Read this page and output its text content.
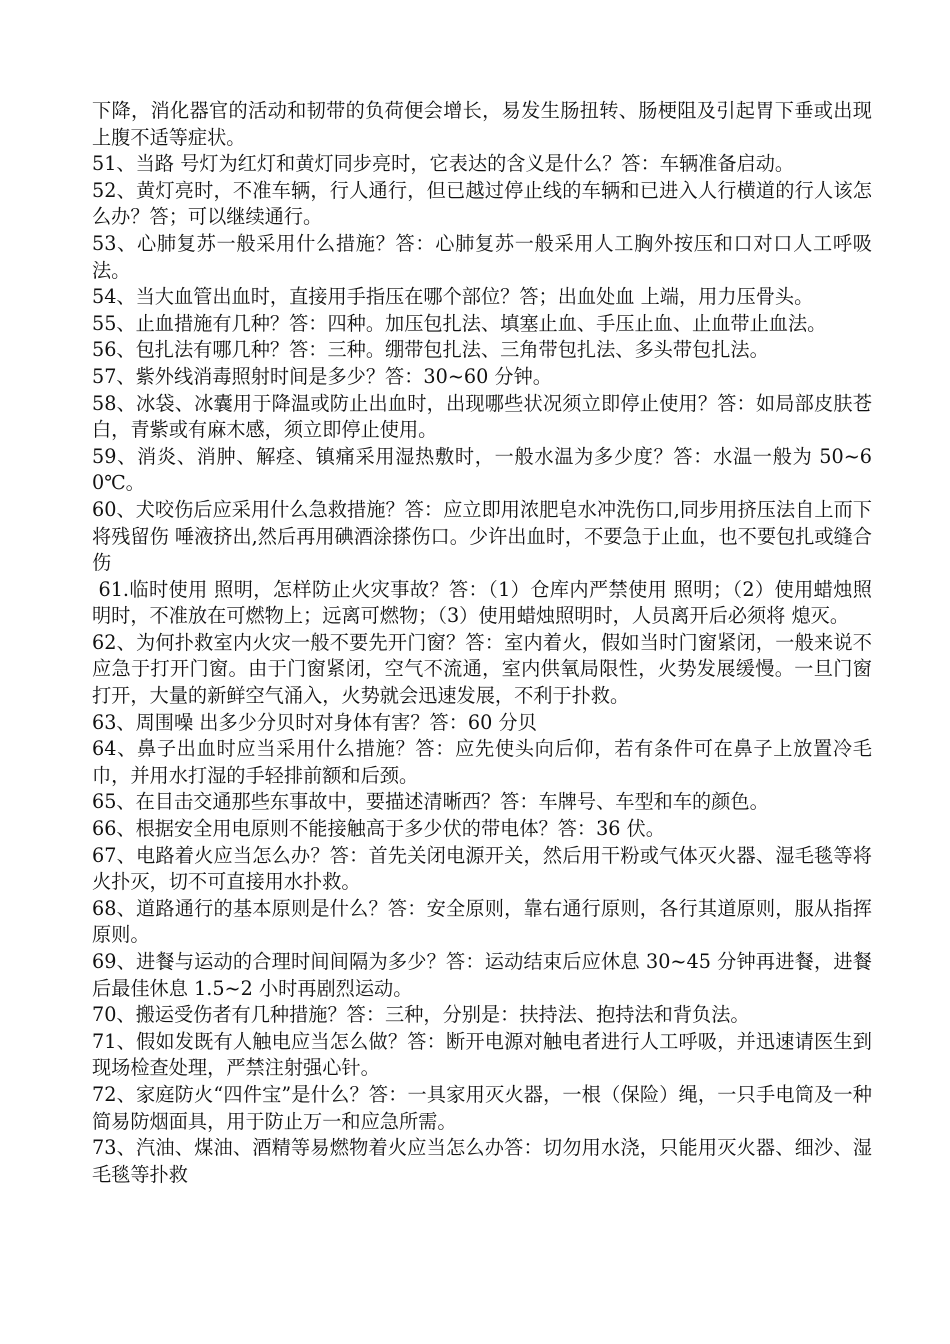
下降，消化器官的活动和韧带的负荷便会增长，易发生肠扭转、肠梗阻及引起胃下垂或出现上腹不适等症状。

51、当路 号灯为红灯和黄灯同步亮时，它表达的含义是什么？答：车辆准备启动。

52、黄灯亮时，不准车辆，行人通行，但已越过停止线的车辆和已进入人行横道的行人该怎么办？答；可以继续通行。

53、心肺复苏一般采用什么措施？答：心肺复苏一般采用人工胸外按压和口对口人工呼吸法。

54、当大血管出血时，直接用手指压在哪个部位？答；出血处血 上端，用力压骨头。

55、止血措施有几种？答：四种。加压包扎法、填塞止血、手压止血、止血带止血法。

56、包扎法有哪几种？答：三种。绷带包扎法、三角带包扎法、多头带包扎法。

57、紫外线消毒照射时间是多少？答：30~60 分钟。

58、冰袋、冰囊用于降温或防止出血时，出现哪些状况须立即停止使用？答：如局部皮肤苍白，青紫或有麻木感，须立即停止使用。

59、消炎、消肿、解痉、镇痛采用湿热敷时，一般水温为多少度？答：水温一般为 50~60℃。

60、犬咬伤后应采用什么急救措施？答：应立即用浓肥皂水冲洗伤口,同步用挤压法自上而下将残留伤 唾液挤出,然后再用碘酒涂搽伤口。少许出血时，不要急于止血，也不要包扎或缝合伤

61.临时使用 照明，怎样防止火灾事故？答：（1）仓库内严禁使用 照明；（2）使用蜡烛照明时，不准放在可燃物上；远离可燃物；（3）使用蜡烛照明时，人员离开后必须将 熄灭。

62、为何扑救室内火灾一般不要先开门窗？答：室内着火，假如当时门窗紧闭，一般来说不应急于打开门窗。由于门窗紧闭，空气不流通，室内供氧局限性，火势发展缓慢。一旦门窗打开，大量的新鲜空气涌入，火势就会迅速发展，不利于扑救。

63、周围噪 出多少分贝时对身体有害？答：60 分贝

64、鼻子出血时应当采用什么措施？答：应先使头向后仰，若有条件可在鼻子上放置冷毛巾，并用水打湿的手轻排前额和后颈。

65、在目击交通那些东事故中，要描述清晰西？答：车牌号、车型和车的颜色。

66、根据安全用电原则不能接触高于多少伏的带电体？答：36 伏。

67、电路着火应当怎么办？答：首先关闭电源开关，然后用干粉或气体灭火器、湿毛毯等将火扑灭，切不可直接用水扑救。

68、道路通行的基本原则是什么？答：安全原则，靠右通行原则，各行其道原则，服从指挥原则。

69、进餐与运动的合理时间间隔为多少？答：运动结束后应休息 30~45 分钟再进餐，进餐后最佳休息 1.5~2 小时再剧烈运动。

70、搬运受伤者有几种措施？答：三种，分别是：扶持法、抱持法和背负法。

71、假如发既有人触电应当怎么做？答：断开电源对触电者进行人工呼吸，并迅速请医生到现场检查处理，严禁注射强心针。

72、家庭防火“四件宝”是什么？答：一具家用灭火器，一根（保险）绳，一只手电筒及一种简易防烟面具，用于防止万一和应急所需。

73、汽油、煤油、酒精等易燃物着火应当怎么办答：切勿用水浇，只能用灭火器、细沙、湿毛毯等扑救
